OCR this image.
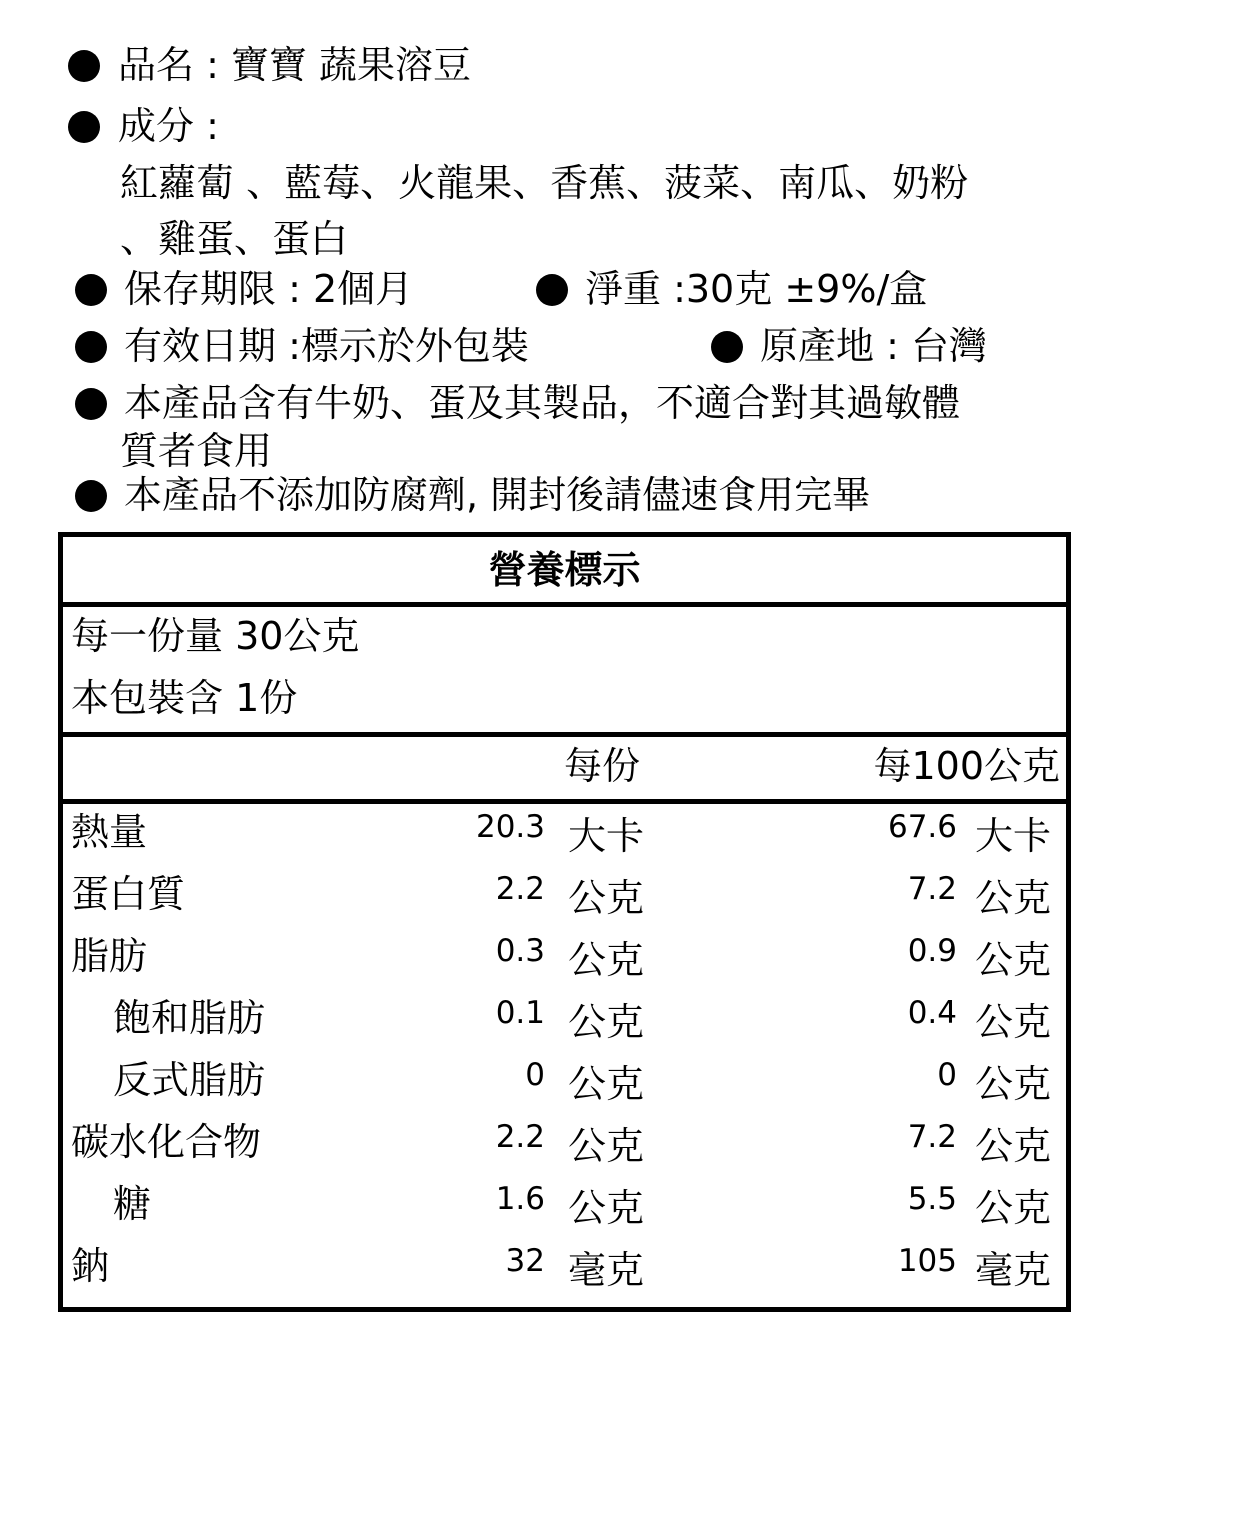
品名 : 寶寶 蔬果溶豆
成分 :
紅蘿蔔 、藍莓、火龍果、香蕉、菠菜、南瓜、奶粉
、雞蛋、蛋白
保存期限 : 2個月	淨重 :30克 ±9%/盒
有效日期 :標示於外包裝	原產地 : 台灣
本產品含有牛奶、蛋及其製品，不適合對其過敏體
質者食用
本產品不添加防腐劑, 開封後請儘速食用完畢
營養標示
每一份量 30公克
本包裝含 1份
每份	每100公克
熱量	20.3 大卡	67.6 大卡
蛋白質	2.2 公克	7.2 公克
脂肪	0.3 公克	0.9 公克
飽和脂肪	0.1 公克	0.4 公克
反式脂肪	0 公克	0 公克
碳水化合物	2.2 公克	7.2 公克
糖	1.6 公克	5.5 公克
鈉	32 毫克	105 毫克
